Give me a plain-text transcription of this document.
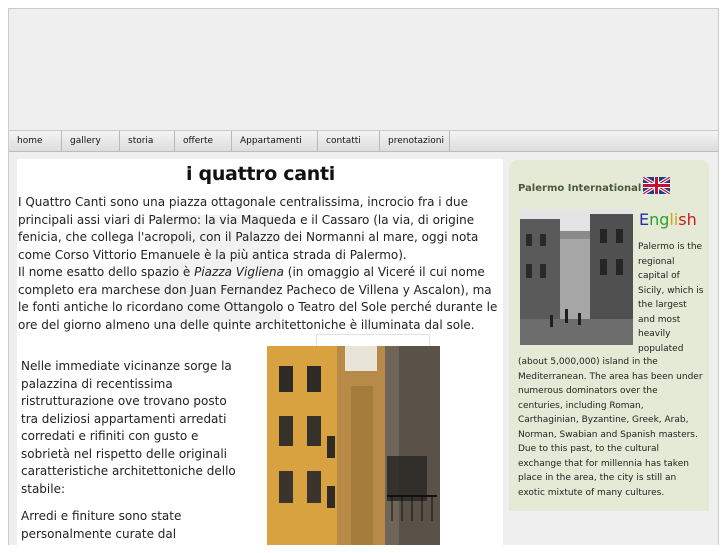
home	gallery	storia	offerte	Appartamenti	contatti	prenotazioni
i quattro canti

I Quattro Canti sono una piazza ottagonale centralissima, incrocio fra i due principali assi viari di Palermo: la via Maqueda e il Cassaro (la via, di origine fenicia, che collega l'acropoli, con il Palazzo dei Normanni al mare, oggi nota come Corso Vittorio Emanuele è la più antica strada di Palermo).

Il nome esatto dello spazio è Piazza Vigliena (in omaggio al Viceré il cui nome completo era marchese don Juan Fernandez Pacheco de Villena y Ascalon), ma le fonti antiche lo ricordano come Ottangolo o Teatro del Sole perché durante le ore del giorno almeno una delle quinte architettoniche è illuminata dal sole.

Nelle immediate vicinanze sorge la palazzina di recentissima ristrutturazione ove trovano posto tra deliziosi appartamenti arredati corredati e rifiniti con gusto e sobrietà nel rispetto delle originali caratteristiche architettoniche dello stabile:

Arredi e finiture sono state personalmente curate dal

Palermo International
English
Palermo is the regional capital of Sicily, which is the largest and most heavily populated
(about 5,000,000) island in the Mediterranean. The area has been under numerous dominators over the centuries, including Roman, Carthaginian, Byzantine, Greek, Arab, Norman, Swabian and Spanish masters. Due to this past, to the cultural exchange that for millennia has taken place in the area, the city is still an exotic mixtute of many cultures.
